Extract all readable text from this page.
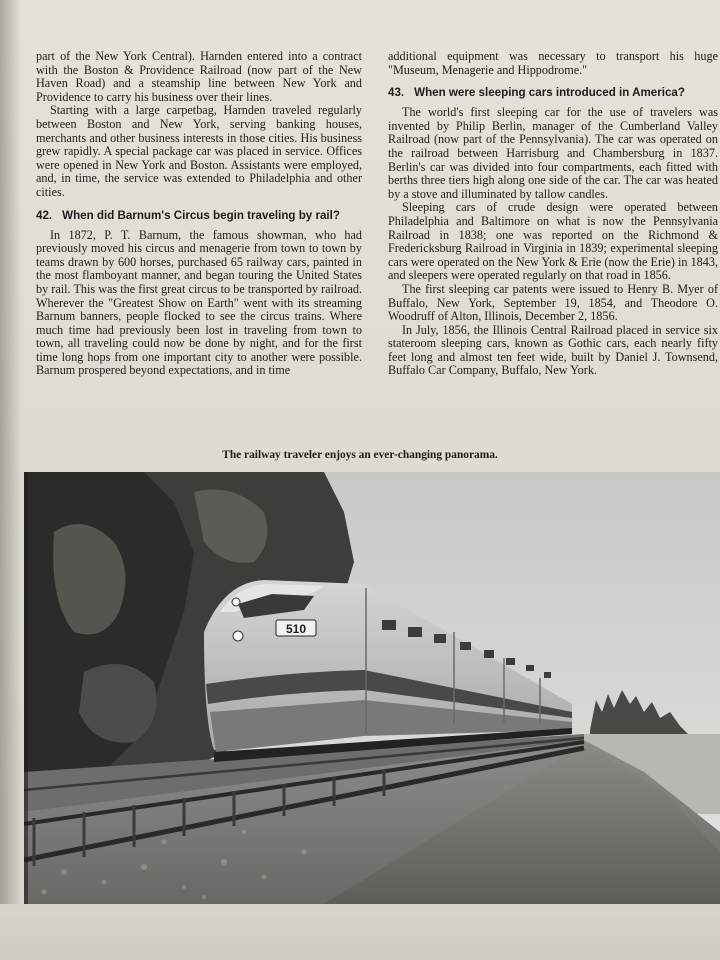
part of the New York Central). Harnden entered into a contract with the Boston & Providence Railroad (now part of the New Haven Road) and a steamship line between New York and Providence to carry his business over their lines.

Starting with a large carpetbag, Harnden traveled regularly between Boston and New York, serving banking houses, merchants and other business interests in those cities. His business grew rapidly. A special package car was placed in service. Offices were opened in New York and Boston. Assistants were employed, and, in time, the service was extended to Philadelphia and other cities.

42. When did Barnum's Circus begin traveling by rail?

In 1872, P. T. Barnum, the famous showman, who had previously moved his circus and menagerie from town to town by teams drawn by 600 horses, purchased 65 railway cars, painted in the most flamboyant manner, and began touring the United States by rail. This was the first great circus to be transported by railroad. Wherever the "Greatest Show on Earth" went with its streaming Barnum banners, people flocked to see the circus trains. Where much time had previously been lost in traveling from town to town, all traveling could now be done by night, and for the first time long hops from one important city to another were possible. Barnum prospered beyond expectations, and in time

additional equipment was necessary to transport his huge "Museum, Menagerie and Hippodrome."

43. When were sleeping cars introduced in America?

The world's first sleeping car for the use of travelers was invented by Philip Berlin, manager of the Cumberland Valley Railroad (now part of the Pennsylvania). The car was operated on the railroad between Harrisburg and Chambersburg in 1837. Berlin's car was divided into four compartments, each fitted with berths three tiers high along one side of the car. The car was heated by a stove and illuminated by tallow candles.

Sleeping cars of crude design were operated between Philadelphia and Baltimore on what is now the Pennsylvania Railroad in 1838; one was reported on the Richmond & Fredericksburg Railroad in Virginia in 1839; experimental sleeping cars were operated on the New York & Erie (now the Erie) in 1843, and sleepers were operated regularly on that road in 1856.

The first sleeping car patents were issued to Henry B. Myer of Buffalo, New York, September 19, 1854, and Theodore O. Woodruff of Alton, Illinois, December 2, 1856.

In July, 1856, the Illinois Central Railroad placed in service six stateroom sleeping cars, known as Gothic cars, each nearly fifty feet long and almost ten feet wide, built by Daniel J. Townsend, Buffalo Car Company, Buffalo, New York.

The railway traveler enjoys an ever-changing panorama.
510
